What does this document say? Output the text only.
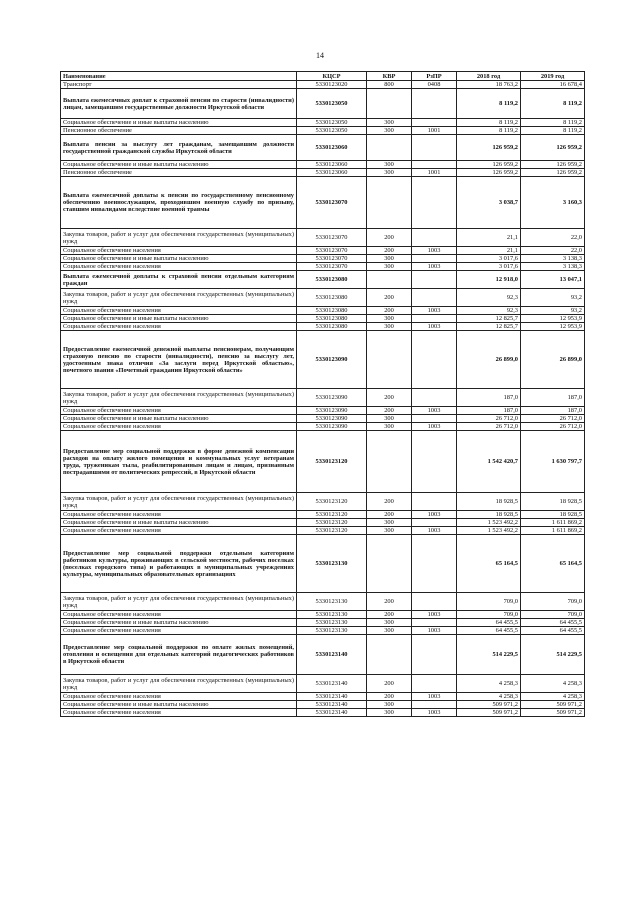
14
Наименование	КЦСР	КВР	РзПР	2018 год	2019 год
Транспорт	5330123020	800	0408	18 763,2	16 678,4
Выплата ежемесячных доплат к страховой пенсии по старости (инвалидности) лицам, замещавшим государственные должности Иркутской области	5330123050			8 119,2	8 119,2
Социальное обеспечение и иные выплаты населению	5330123050	300		8 119,2	8 119,2
Пенсионное обеспечение	5330123050	300	1001	8 119,2	8 119,2
Выплата пенсии за выслугу лет гражданам, замещавшим должности государственной гражданской службы Иркутской области	5330123060			126 959,2	126 959,2
Социальное обеспечение и иные выплаты населению	5330123060	300		126 959,2	126 959,2
Пенсионное обеспечение	5330123060	300	1001	126 959,2	126 959,2
Выплата ежемесячной доплаты к пенсии по государственному пенсионному обеспечению военнослужащим, проходившим военную службу по призыву, ставшим инвалидами вследствие военной травмы	5330123070			3 038,7	3 160,3
Закупка товаров, работ и услуг для обеспечения государственных (муниципальных) нужд	5330123070	200		21,1	22,0
Социальное обеспечение населения	5330123070	200	1003	21,1	22,0
Социальное обеспечение и иные выплаты населению	5330123070	300		3 017,6	3 138,3
Социальное обеспечение населения	5330123070	300	1003	3 017,6	3 138,3
Выплата ежемесячной доплаты к страховой пенсии отдельным категориям граждан	5330123080			12 918,0	13 047,1
Закупка товаров, работ и услуг для обеспечения государственных (муниципальных) нужд	5330123080	200		92,3	93,2
Социальное обеспечение населения	5330123080	200	1003	92,3	93,2
Социальное обеспечение и иные выплаты населению	5330123080	300		12 825,7	12 953,9
Социальное обеспечение населения	5330123080	300	1003	12 825,7	12 953,9
Предоставление ежемесячной денежной выплаты пенсионерам, получающим страховую пенсию по старости (инвалидности), пенсию за выслугу лет, удостоенным знака отличия «За заслуги перед Иркутской областью», почетного звания «Почетный гражданин Иркутской области»	5330123090			26 899,0	26 899,0
Закупка товаров, работ и услуг для обеспечения государственных (муниципальных) нужд	5330123090	200		187,0	187,0
Социальное обеспечение населения	5330123090	200	1003	187,0	187,0
Социальное обеспечение и иные выплаты населению	5330123090	300		26 712,0	26 712,0
Социальное обеспечение населения	5330123090	300	1003	26 712,0	26 712,0
Предоставление мер социальной поддержки в форме денежной компенсации расходов на оплату жилого помещения и коммунальных услуг ветеранам труда, труженикам тыла, реабилитированным лицам и лицам, признанным пострадавшими от политических репрессий, в Иркутской области	5330123120			1 542 420,7	1 630 797,7
Закупка товаров, работ и услуг для обеспечения государственных (муниципальных) нужд	5330123120	200		18 928,5	18 928,5
Социальное обеспечение населения	5330123120	200	1003	18 928,5	18 928,5
Социальное обеспечение и иные выплаты населению	5330123120	300		1 523 492,2	1 611 869,2
Социальное обеспечение населения	5330123120	300	1003	1 523 492,2	1 611 869,2
Предоставление мер социальной поддержки отдельным категориям работников культуры, проживающих в сельской местности, рабочих поселках (поселках городского типа) и работающих в муниципальных учреждениях культуры, муниципальных образовательных организациях	5330123130			65 164,5	65 164,5
Закупка товаров, работ и услуг для обеспечения государственных (муниципальных) нужд	5330123130	200		709,0	709,0
Социальное обеспечение населения	5330123130	200	1003	709,0	709,0
Социальное обеспечение и иные выплаты населению	5330123130	300		64 455,5	64 455,5
Социальное обеспечение населения	5330123130	300	1003	64 455,5	64 455,5
Предоставление мер социальной поддержки по оплате жилых помещений, отопления и освещения для отдельных категорий педагогических работников в Иркутской области	5330123140			514 229,5	514 229,5
Закупка товаров, работ и услуг для обеспечения государственных (муниципальных) нужд	5330123140	200		4 258,3	4 258,3
Социальное обеспечение населения	5330123140	200	1003	4 258,3	4 258,3
Социальное обеспечение и иные выплаты населению	5330123140	300		509 971,2	509 971,2
Социальное обеспечение населения	5330123140	300	1003	509 971,2	509 971,2
